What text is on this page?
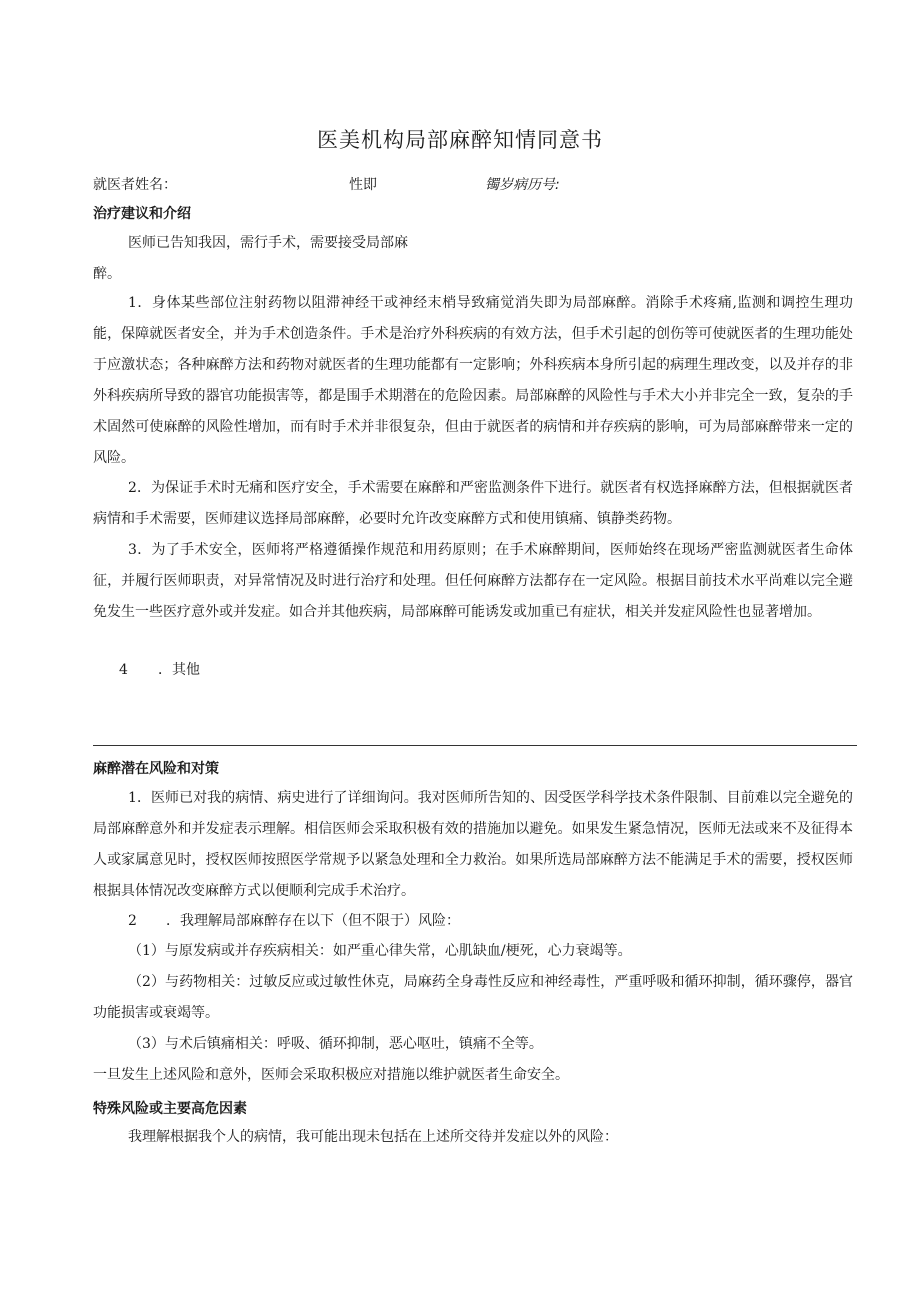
医美机构局部麻醉知情同意书
就医者姓名：	性即	镯岁病历号:
治疗建议和介绍
医师已告知我因，需行手术，需要接受局部麻
醉。
1．身体某些部位注射药物以阻滞神经干或神经末梢导致痛觉消失即为局部麻醉。消除手术疼痛,监测和调控生理功能，保障就医者安全，并为手术创造条件。手术是治疗外科疾病的有效方法，但手术引起的创伤等可使就医者的生理功能处于应激状态；各种麻醉方法和药物对就医者的生理功能都有一定影响；外科疾病本身所引起的病理生理改变，以及并存的非外科疾病所导致的器官功能损害等，都是围手术期潜在的危险因素。局部麻醉的风险性与手术大小并非完全一致，复杂的手术固然可使麻醉的风险性增加，而有时手术并非很复杂，但由于就医者的病情和并存疾病的影响，可为局部麻醉带来一定的风险。
2．为保证手术时无痛和医疗安全，手术需要在麻醉和严密监测条件下进行。就医者有权选择麻醉方法，但根据就医者病情和手术需要，医师建议选择局部麻醉，必要时允许改变麻醉方式和使用镇痛、镇静类药物。
3．为了手术安全，医师将严格遵循操作规范和用药原则；在手术麻醉期间，医师始终在现场严密监测就医者生命体征，并履行医师职责，对异常情况及时进行治疗和处理。但任何麻醉方法都存在一定风险。根据目前技术水平尚难以完全避免发生一些医疗意外或并发症。如合并其他疾病，局部麻醉可能诱发或加重已有症状，相关并发症风险性也显著增加。
4 ．其他
麻醉潜在风险和对策
1．医师已对我的病情、病史进行了详细询问。我对医师所告知的、因受医学科学技术条件限制、目前难以完全避免的局部麻醉意外和并发症表示理解。相信医师会采取积极有效的措施加以避免。如果发生紧急情况，医师无法或来不及征得本人或家属意见时，授权医师按照医学常规予以紧急处理和全力救治。如果所选局部麻醉方法不能满足手术的需要，授权医师根据具体情况改变麻醉方式以便顺利完成手术治疗。
2 ．我理解局部麻醉存在以下（但不限于）风险：
（1）与原发病或并存疾病相关：如严重心律失常，心肌缺血/梗死，心力衰竭等。
（2）与药物相关：过敏反应或过敏性休克，局麻药全身毒性反应和神经毒性，严重呼吸和循环抑制，循环骤停，器官功能损害或衰竭等。
（3）与术后镇痛相关：呼吸、循环抑制，恶心呕吐，镇痛不全等。
一旦发生上述风险和意外，医师会采取积极应对措施以维护就医者生命安全。
特殊风险或主要高危因素
我理解根据我个人的病情，我可能出现未包括在上述所交待并发症以外的风险：
